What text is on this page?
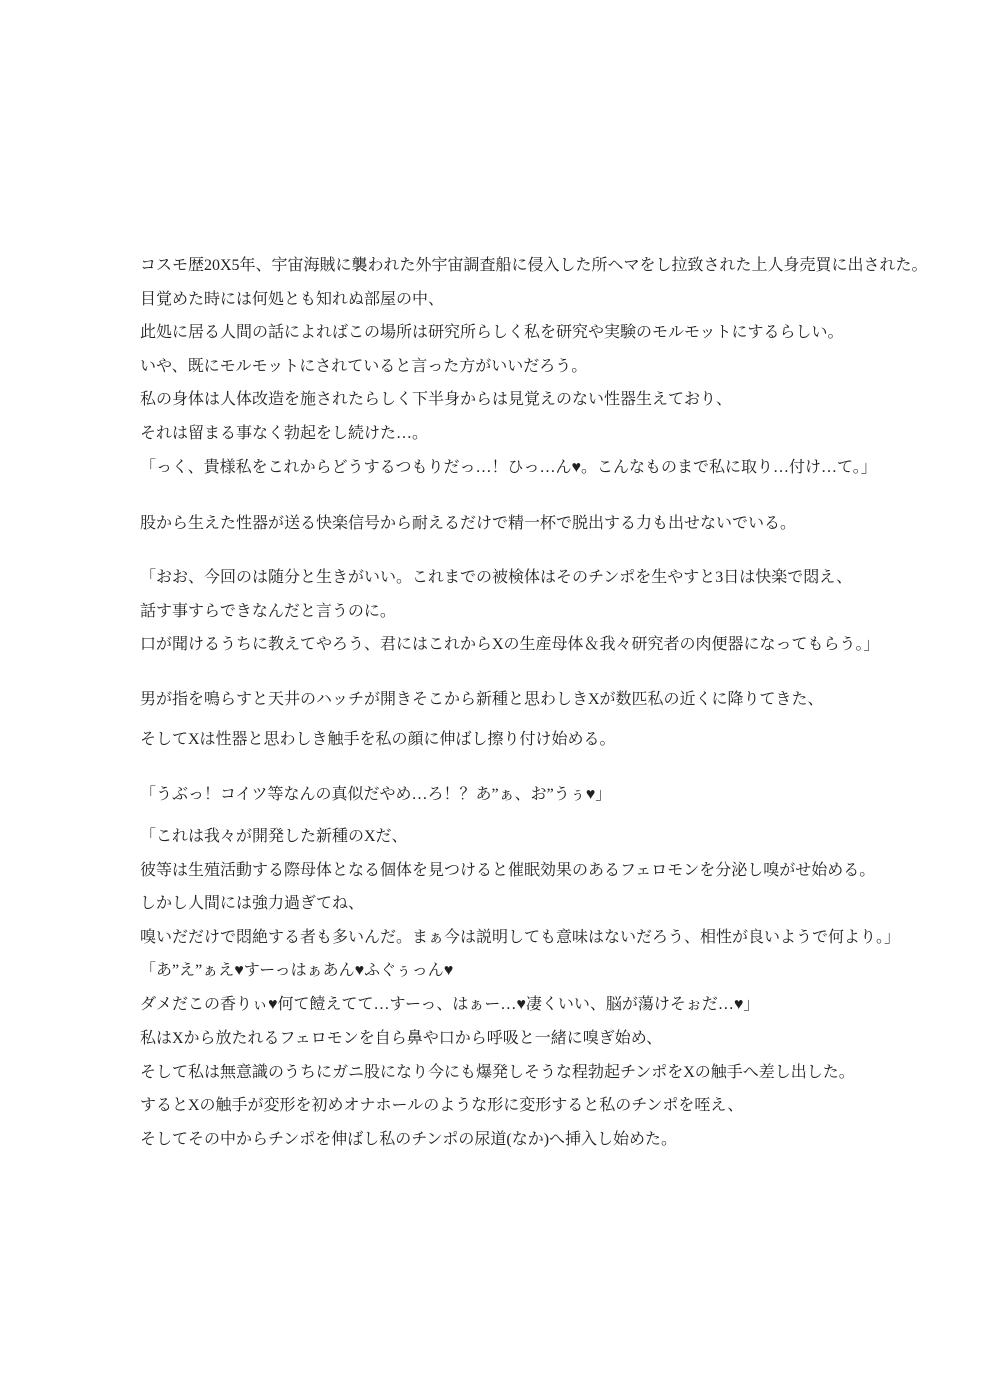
コスモ歴20X5年、宇宙海賊に襲われた外宇宙調査船に侵入した所ヘマをし拉致された上人身売買に出された。
目覚めた時には何処とも知れぬ部屋の中、
此処に居る人間の話によればこの場所は研究所らしく私を研究や実験のモルモットにするらしい。
いや、既にモルモットにされていると言った方がいいだろう。
私の身体は人体改造を施されたらしく下半身からは見覚えのない性器生えており、
それは留まる事なく勃起をし続けた…。
「っく、貴様私をこれからどうするつもりだっ…！ひっ…ん♥。こんなものまで私に取り…付け…て。」
股から生えた性器が送る快楽信号から耐えるだけで精一杯で脱出する力も出せないでいる。
「おお、今回のは随分と生きがいい。これまでの被検体はそのチンポを生やすと3日は快楽で悶え、
話す事すらできなんだと言うのに。
口が聞けるうちに教えてやろう、君にはこれからXの生産母体＆我々研究者の肉便器になってもらう。」
男が指を鳴らすと天井のハッチが開きそこから新種と思わしきXが数匹私の近くに降りてきた、
そしてXは性器と思わしき触手を私の顔に伸ばし擦り付け始める。
「うぶっ！コイツ等なんの真似だやめ…ろ！？あ”ぁ、お”うぅ♥」
「これは我々が開発した新種のXだ、
彼等は生殖活動する際母体となる個体を見つけると催眠効果のあるフェロモンを分泌し嗅がせ始める。
しかし人間には強力過ぎてね、
嗅いだだけで悶絶する者も多いんだ。まぁ今は説明しても意味はないだろう、相性が良いようで何より。」
「あ”え”ぁえ♥すーっはぁあん♥ふぐぅっん♥
ダメだこの香りぃ♥何て饐えてて…すーっ、はぁー…♥凄くいい、脳が蕩けそぉだ…♥」
私はXから放たれるフェロモンを自ら鼻や口から呼吸と一緒に嗅ぎ始め、
そして私は無意識のうちにガニ股になり今にも爆発しそうな程勃起チンポをXの触手へ差し出した。
するとXの触手が変形を初めオナホールのような形に変形すると私のチンポを咥え、
そしてその中からチンポを伸ばし私のチンポの尿道(なか)へ挿入し始めた。
